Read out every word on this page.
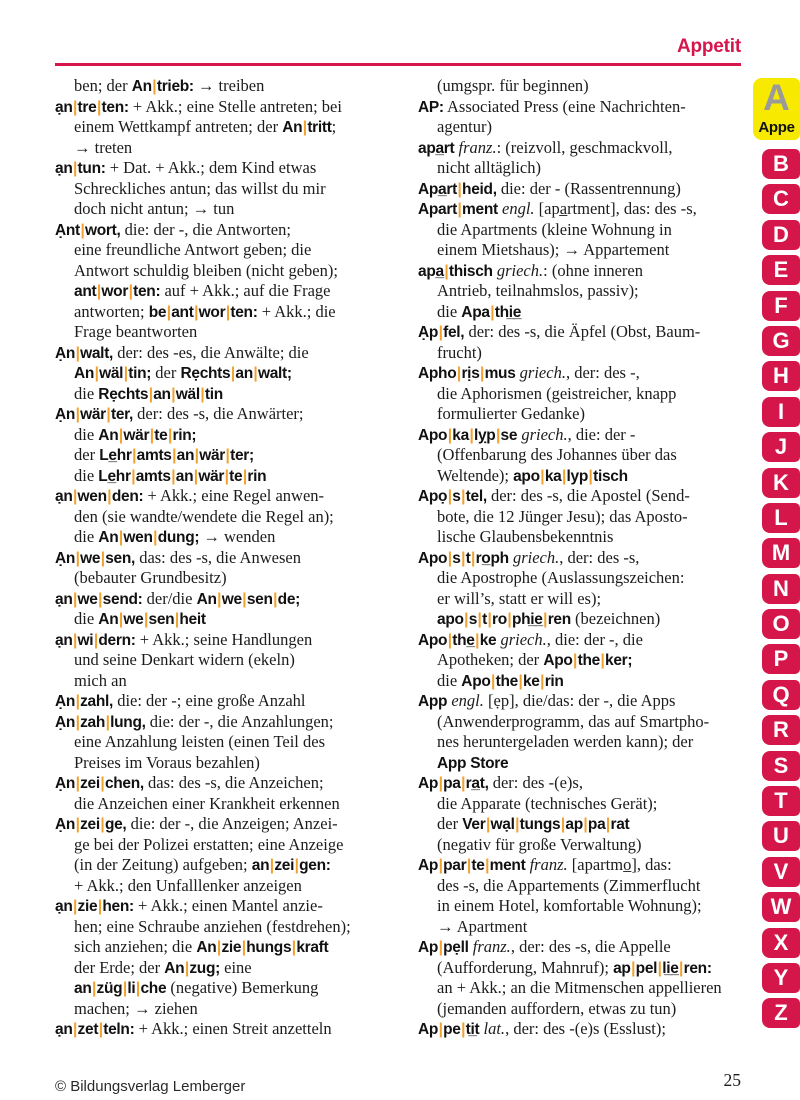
Appetit
ben; der An|trieb: → treiben
ạn|tre|ten: + Akk.; eine Stelle antreten; bei
einem Wettkampf antreten; der An|tritt;
→ treten
ạn|tun: + Dat. + Akk.; dem Kind etwas
Schreckliches antun; das willst du mir
doch nicht antun; → tun
Ạnt|wort, die: der -, die Antworten;
eine freundliche Antwort geben; die
Antwort schuldig bleiben (nicht geben);
ant|wor|ten: auf + Akk.; auf die Frage
antworten; be|ant|wor|ten: + Akk.; die
Frage beantworten
Ạn|walt, der: des -es, die Anwälte; die
An|wäl|tin; der Rẹchts|an|walt;
die Rẹchts|an|wäl|tin
Ạn|wär|ter, der: des -s, die Anwärter;
die An|wär|te|rin;
der Le̲hr|amts|an|wär|ter;
die Le̲hr|amts|an|wär|te|rin
ạn|wen|den: + Akk.; eine Regel anwen-
den (sie wandte/wendete die Regel an);
die An|wen|dung; → wenden
Ạn|we|sen, das: des -s, die Anwesen
(bebauter Grundbesitz)
ạn|we|send: der/die An|we|sen|de;
die An|we|sen|heit
ạn|wi|dern: + Akk.; seine Handlungen
und seine Denkart widern (ekeln)
mich an
Ạn|zahl, die: der -; eine große Anzahl
Ạn|zah|lung, die: der -, die Anzahlungen;
eine Anzahlung leisten (einen Teil des
Preises im Voraus bezahlen)
Ạn|zei|chen, das: des -s, die Anzeichen;
die Anzeichen einer Krankheit erkennen
Ạn|zei|ge, die: der -, die Anzeigen; Anzei-
ge bei der Polizei erstatten; eine Anzeige
(in der Zeitung) aufgeben; an|zei|gen:
+ Akk.; den Unfalllenker anzeigen
ạn|zie|hen: + Akk.; einen Mantel anzie-
hen; eine Schraube anziehen (festdrehen);
sich anziehen; die An|zie|hungs|kraft
der Erde; der An|zug; eine
an|züg|li|che (negative) Bemerkung
machen; → ziehen
ạn|zet|teln: + Akk.; einen Streit anzetteln
(umgspr. für beginnen)
AP: Associated Press (eine Nachrichten-
agentur)
apa̲rt franz.: (reizvoll, geschmackvoll,
nicht alltäglich)
Apa̲rt|heid, die: der - (Rassentrennung)
Apart|ment engl. [apa̲rtment], das: des -s,
die Apartments (kleine Wohnung in
einem Mietshaus); → Appartement
apa̲|thisch griech.: (ohne inneren
Antrieb, teilnahmslos, passiv);
die Apa|thi̲e̲
Ạp|fel, der: des -s, die Äpfel (Obst, Baum-
frucht)
Apho|rịs|mus griech., der: des -,
die Aphorismen (geistreicher, knapp
formulierter Gedanke)
Apo|ka|lỵp|se griech., die: der -
(Offenbarung des Johannes über das
Weltende); apo|ka|lyp|tisch
Apọ|s|tel, der: des -s, die Apostel (Send-
bote, die 12 Jünger Jesu); das Aposto-
lische Glaubensbekenntnis
Apo|s|t|ro̲ph griech., der: des -s,
die Apostrophe (Auslassungszeichen:
er will’s, statt er will es);
apo|s|t|ro|phi̲e̲|ren (bezeichnen)
Apo|the̲|ke griech., die: der -, die
Apotheken; der Apo|the|ker;
die Apo|the|ke|rin
App engl. [ẹp], die/das: der -, die Apps
(Anwenderprogramm, das auf Smartpho-
nes heruntergeladen werden kann); der
App Store
Ap|pa|ra̲t, der: des -(e)s,
die Apparate (technisches Gerät);
der Ver|wạl|tungs|ap|pa|rat
(negativ für große Verwaltung)
Ap|par|te|ment franz. [apartmo̲], das:
des -s, die Appartements (Zimmerflucht
in einem Hotel, komfortable Wohnung);
→ Apartment
Ap|pẹll franz., der: des -s, die Appelle
(Aufforderung, Mahnruf); ap|pel|li̲e̲|ren:
an + Akk.; an die Mitmenschen appellieren
(jemanden auffordern, etwas zu tun)
Ap|pe|ti̲t lat., der: des -(e)s (Esslust);
A
Appe
B
C
D
E
F
G
H
I
J
K
L
M
N
O
P
Q
R
S
T
U
V
W
X
Y
Z
© Bildungsverlag Lemberger	25
